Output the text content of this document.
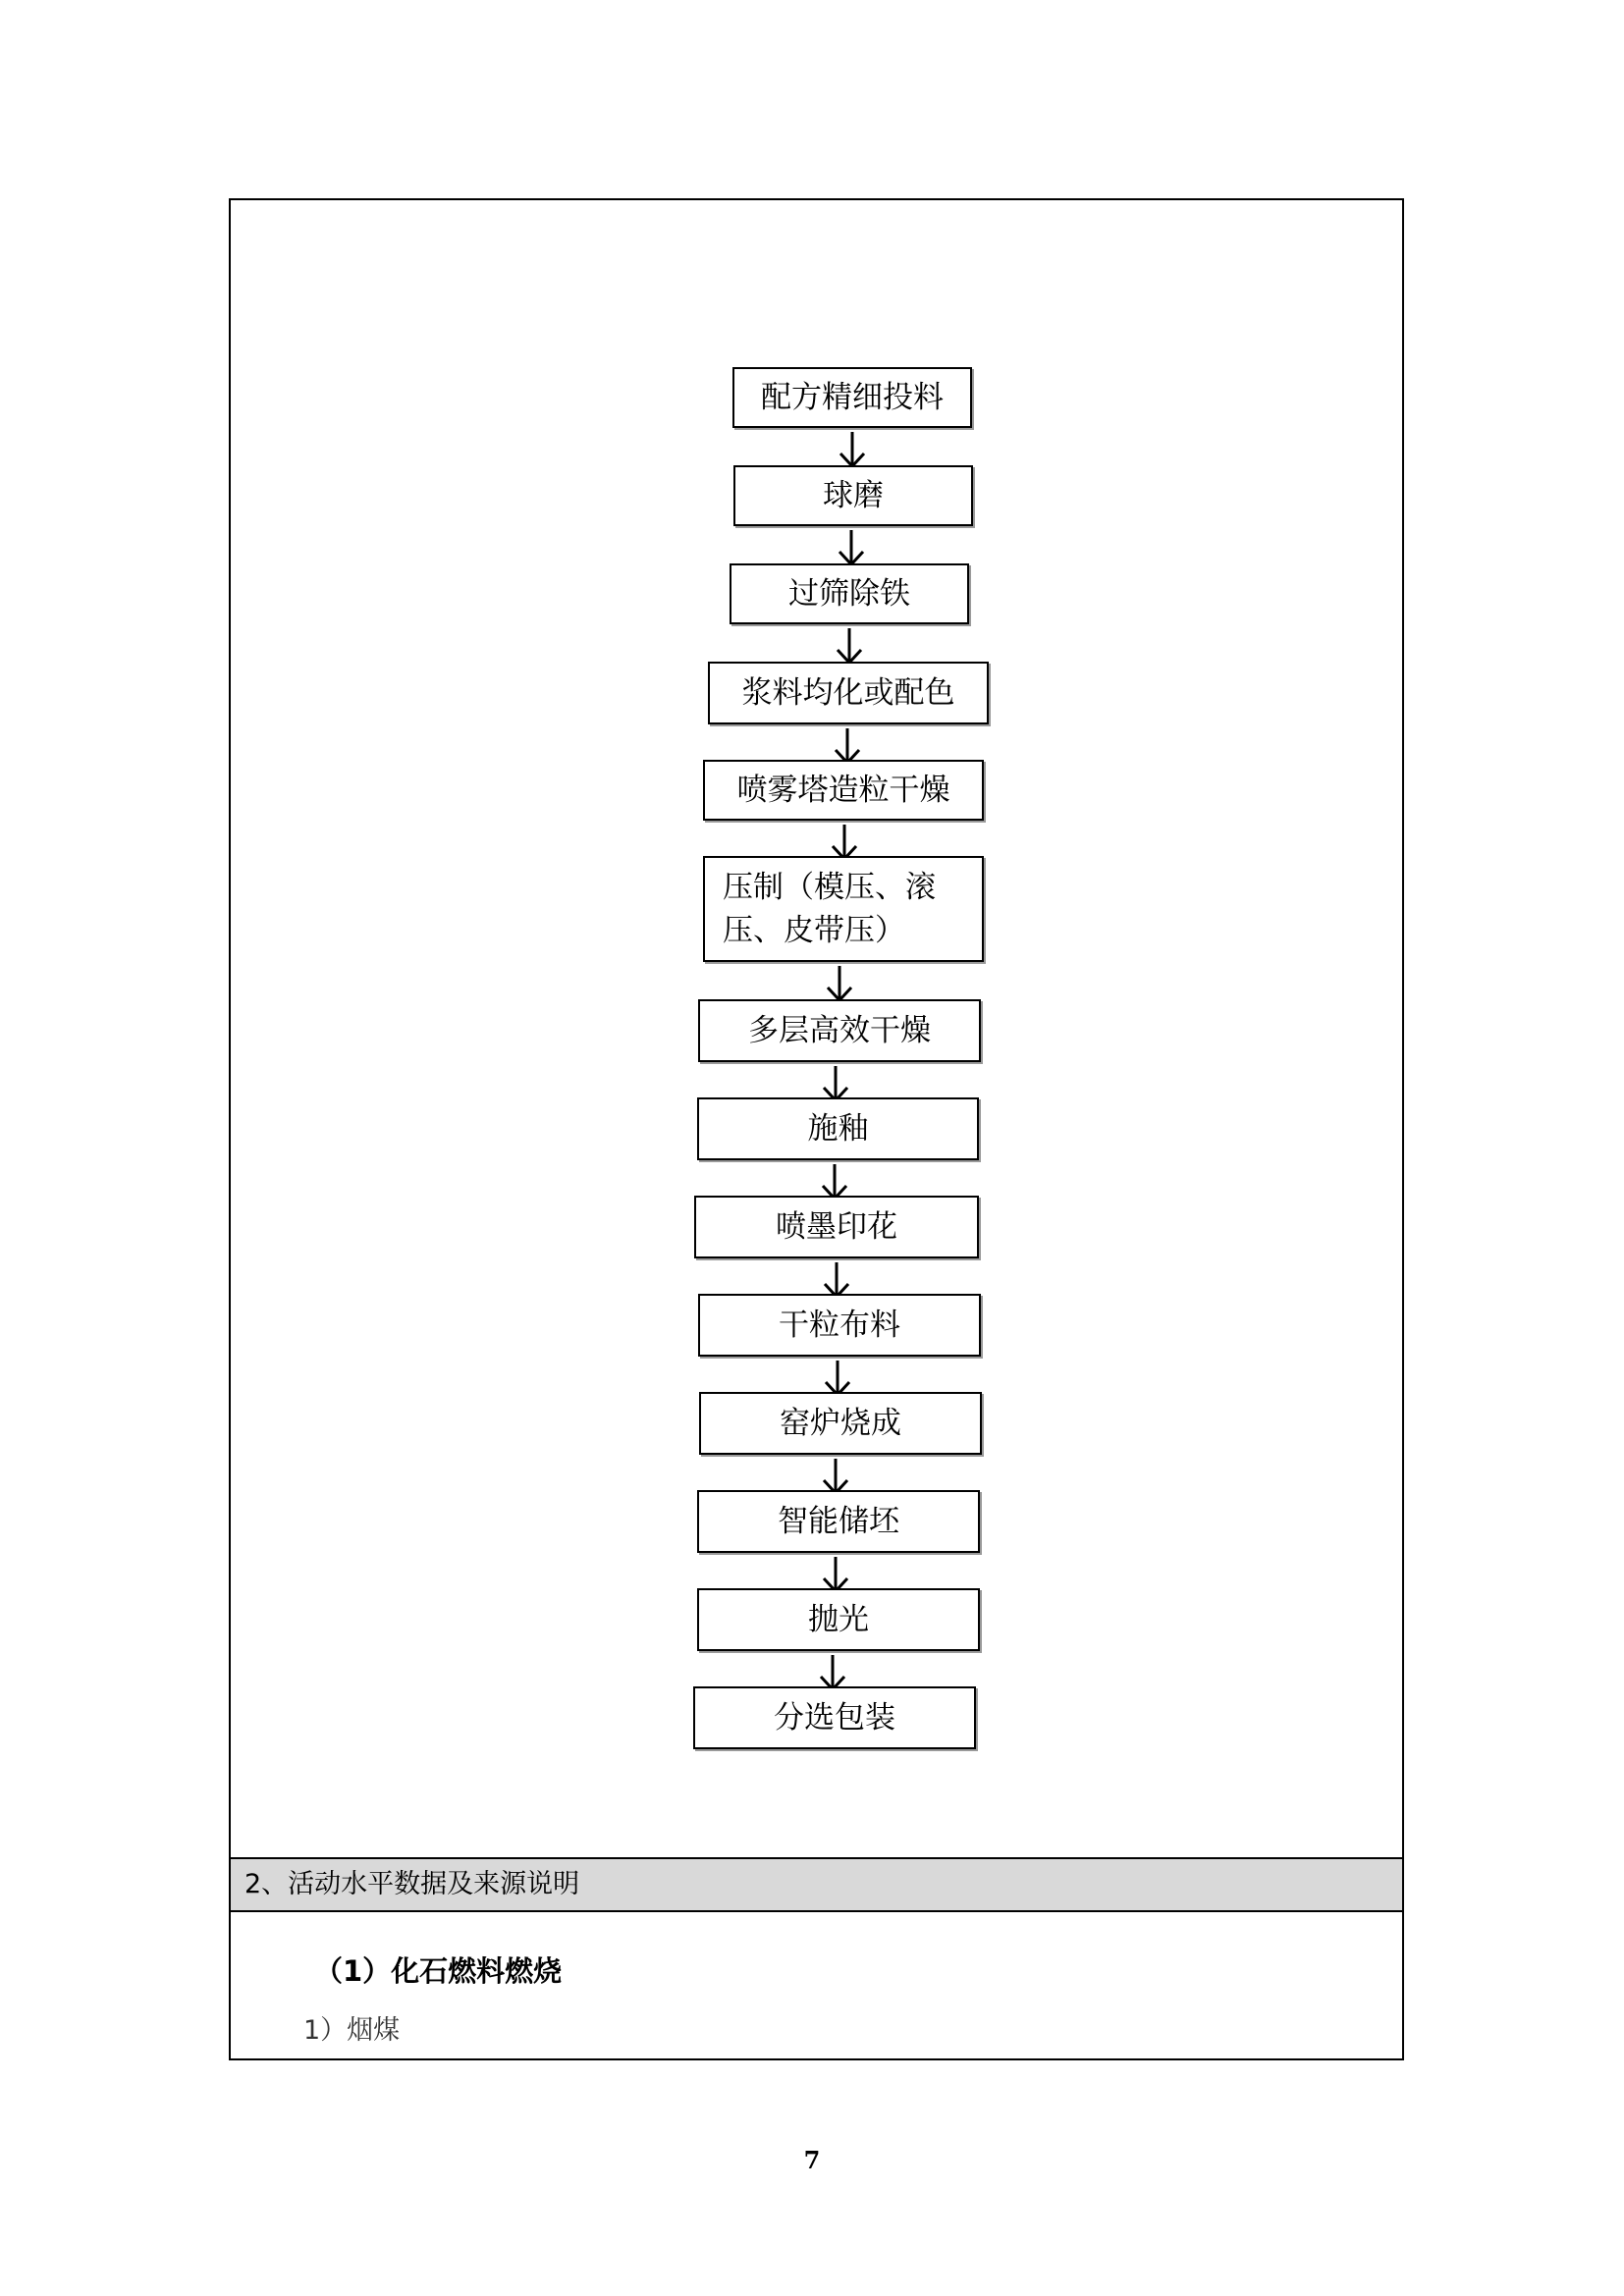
配方精细投料
球磨
过筛除铁
浆料均化或配色
喷雾塔造粒干燥
压制（模压、滚
压、皮带压）
多层高效干燥
施釉
喷墨印花
干粒布料
窑炉烧成
智能储坯
抛光
分选包装
2、活动水平数据及来源说明
（1）化石燃料燃烧
1）烟煤
7
